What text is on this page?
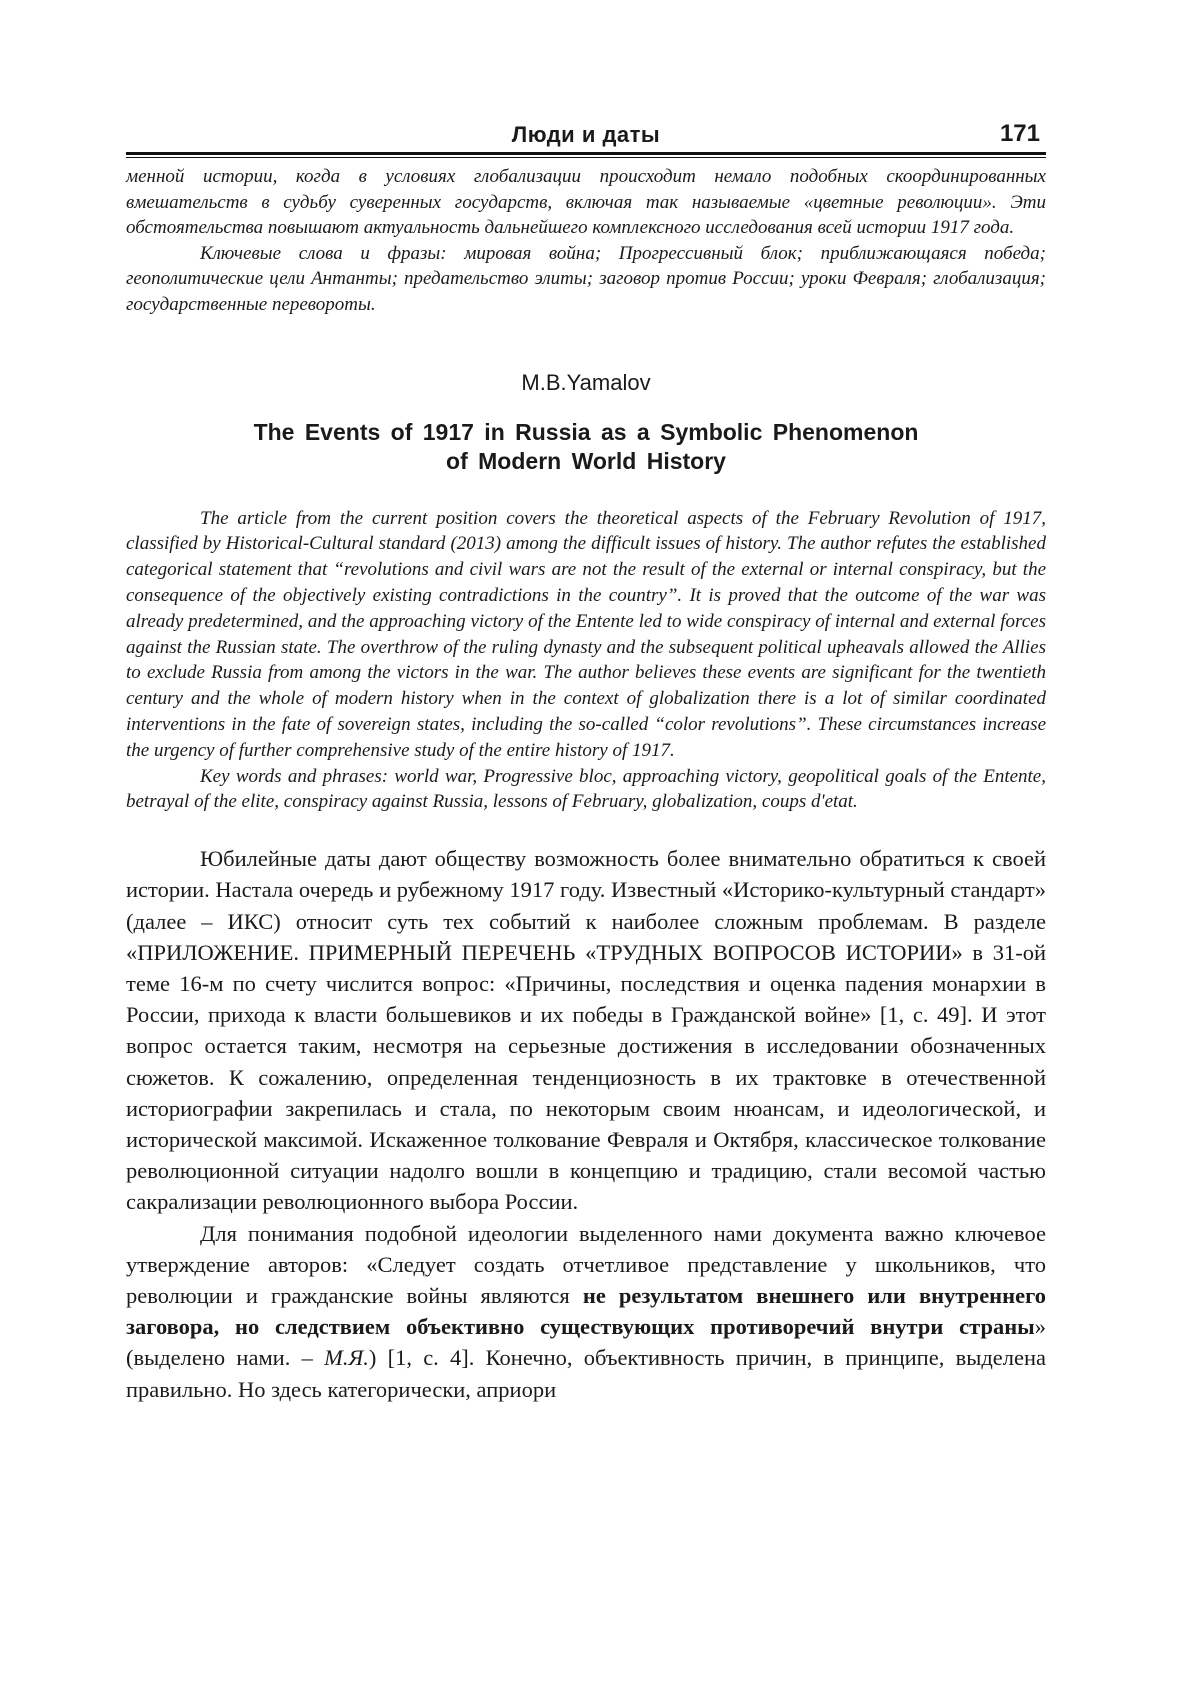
Люди и даты	171

менной истории, когда в условиях глобализации происходит немало подобных скоординированных вмешательств в судьбу суверенных государств, включая так называемые «цветные революции». Эти обстоятельства повышают актуальность дальнейшего комплексного исследования всей истории 1917 года.

Ключевые слова и фразы: мировая война; Прогрессивный блок; приближающаяся победа; геополитические цели Антанты; предательство элиты; заговор против России; уроки Февраля; глобализация; государственные перевороты.

M.B.Yamalov
The Events of 1917 in Russia as a Symbolic Phenomenon
of Modern World History

The article from the current position covers the theoretical aspects of the February Revolution of 1917, classified by Historical-Cultural standard (2013) among the difficult issues of history. The author refutes the established categorical statement that “revolutions and civil wars are not the result of the external or internal conspiracy, but the consequence of the objectively existing contradictions in the country”. It is proved that the outcome of the war was already predetermined, and the approaching victory of the Entente led to wide conspiracy of internal and external forces against the Russian state. The overthrow of the ruling dynasty and the subsequent political upheavals allowed the Allies to exclude Russia from among the victors in the war. The author believes these events are significant for the twentieth century and the whole of modern history when in the context of globalization there is a lot of similar coordinated interventions in the fate of sovereign states, including the so-called “color revolutions”. These circumstances increase the urgency of further comprehensive study of the entire history of 1917.

Key words and phrases: world war, Progressive bloc, approaching victory, geopolitical goals of the Entente, betrayal of the elite, conspiracy against Russia, lessons of February, globalization, coups d'etat.

Юбилейные даты дают обществу возможность более внимательно обратиться к своей истории. Настала очередь и рубежному 1917 году. Известный «Историко-культурный стандарт» (далее – ИКС) относит суть тех событий к наиболее сложным проблемам. В разделе «ПРИЛОЖЕНИЕ. ПРИМЕРНЫЙ ПЕРЕЧЕНЬ «ТРУДНЫХ ВОПРОСОВ ИСТОРИИ» в 31-ой теме 16-м по счету числится вопрос: «Причины, последствия и оценка падения монархии в России, прихода к власти большевиков и их победы в Гражданской войне» [1, с. 49]. И этот вопрос остается таким, несмотря на серьезные достижения в исследовании обозначенных сюжетов. К сожалению, определенная тенденциозность в их трактовке в отечественной историографии закрепилась и стала, по некоторым своим нюансам, и идеологической, и исторической максимой. Искаженное толкование Февраля и Октября, классическое толкование революционной ситуации надолго вошли в концепцию и традицию, стали весомой частью сакрализации революционного выбора России.

Для понимания подобной идеологии выделенного нами документа важно ключевое утверждение авторов: «Следует создать отчетливое представление у школьников, что революции и гражданские войны являются не результатом внешнего или внутреннего заговора, но следствием объективно существующих противоречий внутри страны» (выделено нами. – М.Я.) [1, с. 4]. Конечно, объективность причин, в принципе, выделена правильно. Но здесь категорически, априори
